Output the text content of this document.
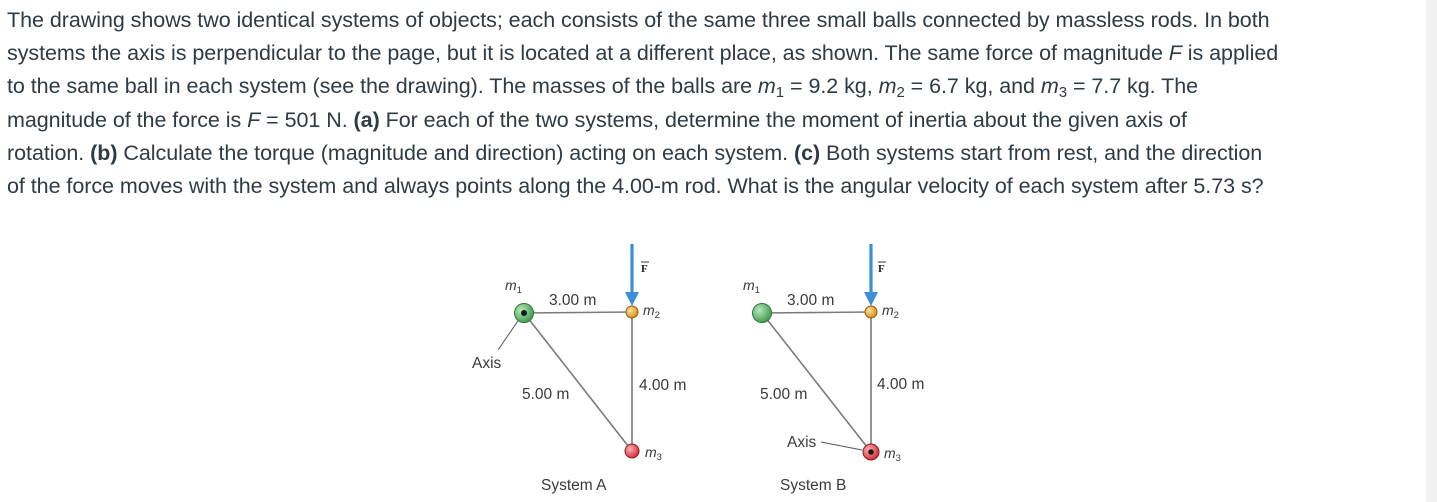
The drawing shows two identical systems of objects; each consists of the same three small balls connected by massless rods. In both
systems the axis is perpendicular to the page, but it is located at a different place, as shown. The same force of magnitude F is applied
to the same ball in each system (see the drawing). The masses of the balls are $m_1 = 9.2$ kg, $m_2 = 6.7$ kg, and $m_3 = 7.7$ kg. The
magnitude of the force is F = 501 N. (a) For each of the two systems, determine the moment of inertia about the given axis of
rotation. (b) Calculate the torque (magnitude and direction) acting on each system. (c) Both systems start from rest, and the direction
of the force moves with the system and always points along the 4.00-m rod. What is the angular velocity of each system after 5.73 s?
Axis
F
$m_1$
$m_2$
$m_3$
3.00 m
5.00 m
4.00 m
System A
Axis
F
$m_1$
$m_2$
$m_3$
3.00 m
5.00 m
4.00 m
System B
